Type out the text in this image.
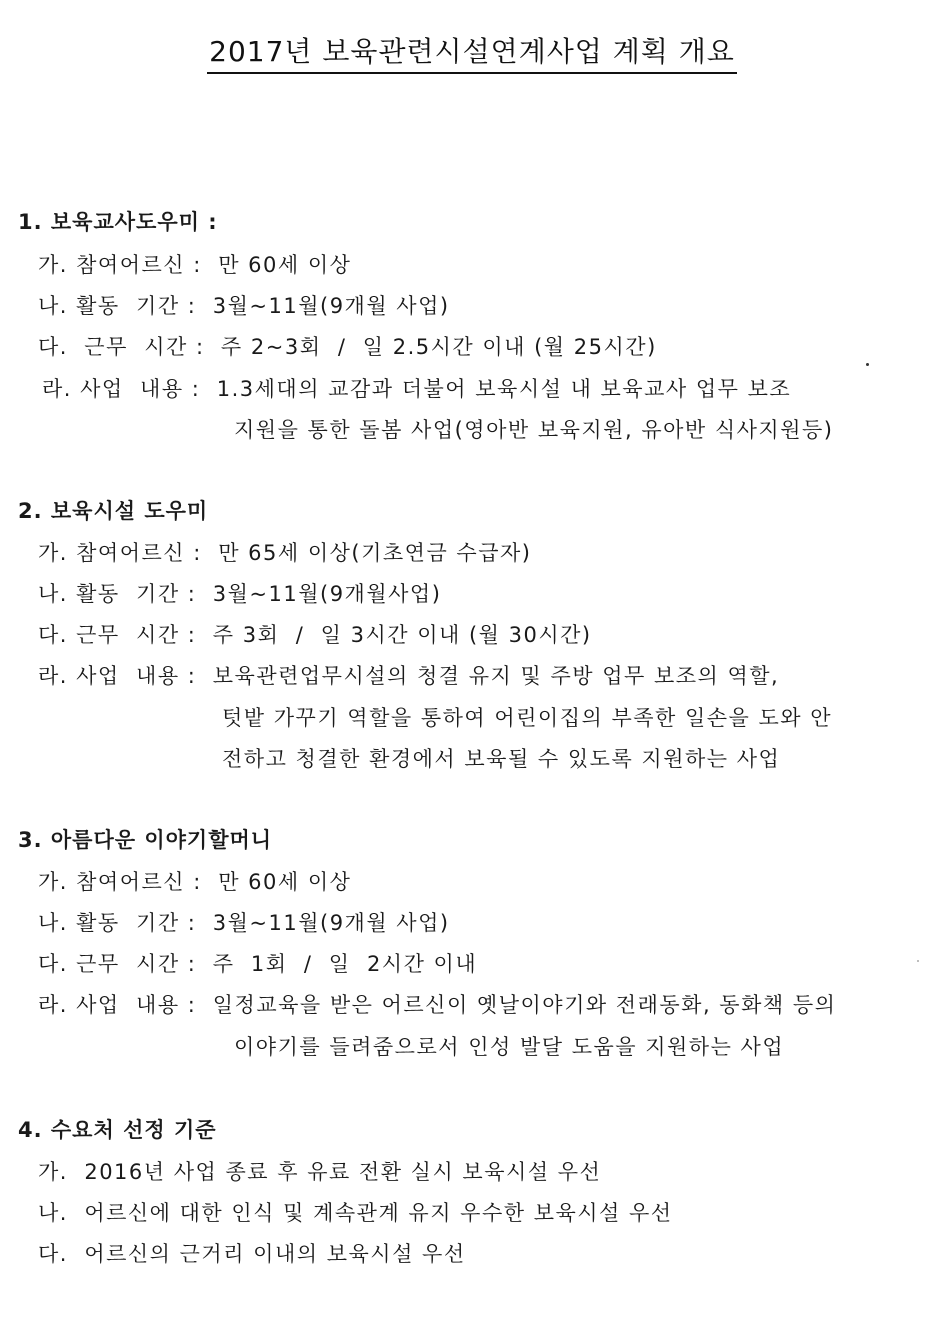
2017년 보육관련시설연계사업 계획 개요
1. 보육교사도우미 :
가. 참여어르신 :  만 60세 이상
나. 활동  기간 :  3월~11월(9개월 사업)
다.  근무  시간 :  주 2~3회  /  일 2.5시간 이내 (월 25시간)
라. 사업  내용 :  1.3세대의 교감과 더불어 보육시설 내 보육교사 업무 보조
지원을 통한 돌봄 사업(영아반 보육지원, 유아반 식사지원등)
2. 보육시설 도우미
가. 참여어르신 :  만 65세 이상(기초연금 수급자)
나. 활동  기간 :  3월~11월(9개월사업)
다. 근무  시간 :  주 3회  /  일 3시간 이내 (월 30시간)
라. 사업  내용 :  보육관련업무시설의 청결 유지 및 주방 업무 보조의 역할,
텃밭 가꾸기 역할을 통하여 어린이집의 부족한 일손을 도와 안
전하고 청결한 환경에서 보육될 수 있도록 지원하는 사업
3. 아름다운 이야기할머니
가. 참여어르신 :  만 60세 이상
나. 활동  기간 :  3월~11월(9개월 사업)
다. 근무  시간 :  주  1회  /  일  2시간 이내
라. 사업  내용 :  일정교육을 받은 어르신이 옛날이야기와 전래동화, 동화책 등의
이야기를 들려줌으로서 인성 발달 도움을 지원하는 사업
4. 수요처 선정 기준
가.  2016년 사업 종료 후 유료 전환 실시 보육시설 우선
나.  어르신에 대한 인식 및 계속관계 유지 우수한 보육시설 우선
다.  어르신의 근거리 이내의 보육시설 우선
